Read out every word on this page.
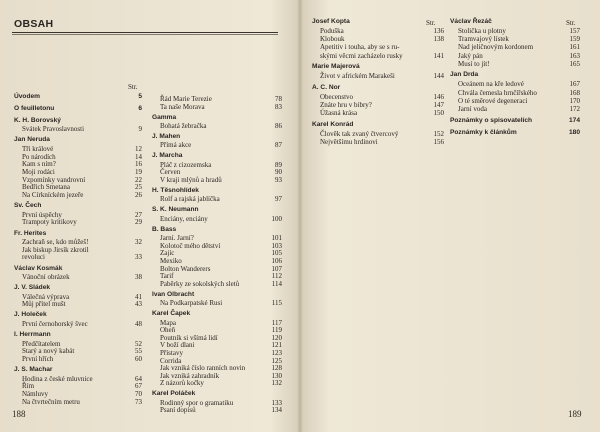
OBSAH
Str.
Úvodem	5
O feuilletonu	6
K. H. Borovský
Svátek Pravoslavnosti	9
Jan Neruda
Tři králové	12
Po národích	14
Kam s ním?	16
Moji rodáci	19
Vzpomínky vandrovní	22
Bedřich Smetana	25
Na Církníckém jezeře	26
Sv. Čech
První úspěchy	27
Trampoty kritikovy	29
Fr. Herites
Zachraň se, kdo můžeš!	32
Jak biskup Jirsík zkrotil
revoluci	33
Václav Kosmák
Vánoční obrázek	38
J. V. Sládek
Válečná výprava	41
Můj přítel mušt	43
J. Holeček
První černohorský švec	48
I. Herrmann
Předčítatelem	52
Starý a nový kabát	55
První hřích	60
J. S. Machar
Hodina z české mluvnice	64
Řím	67
Námluvy	70
Na čtvrtečním metru	73
Řád Marie Terezie	78
Ta naše Morava	83
Gamma
Bohatá žebračka	86
J. Mahen
Přímá akce	87
J. Marcha
Pláč z cizozemska	89
Červen	90
V kraji mlýnů a hradů	93
H. Těsnohlídek
Rolf a rajská jablíčka	97
S. K. Neumann
Enciány, enciány	100
B. Bass
Jarní. Jarní?	101
Kolotoč mého dětství	103
Zajíc	105
Mexiko	106
Bolton Wanderers	107
Tarif	112
Paběrky ze sokolských sletů	114
Ivan Olbracht
Na Podkarpatské Rusi	115
Karel Čapek
Mapa	117
Oheň	119
Poutník si všímá lidí	120
V boží dlani	121
Přístavy	123
Corrida	125
Jak vzniká číslo ranních novin	128
Jak vzniká zahradník	130
Z názorů kočky	132
Karel Poláček
Rodinný spor o gramatiku	133
Psaní dopisů	134
188
Str.	Str.
Josef Kopta
Poduška	136
Klobouk	138
Apetitiv i touha, aby se s ru-
skými věcmi zacházelo rusky	141
Marie Majerová
Život v africkém Marakeši	144
A. C. Nor
Obecenstvo	146
Znáte hru v bibry?	147
Úžasná krása	150
Karel Konrád
Člověk tak zvaný čtvercový	152
Největšímu hrdinovi	156
Václav Řezáč
Stolička u plotny	157
Tramvajový lístek	159
Nad jeličnovým kordonem	161
Jaký pán	163
Musí to jít!	165
Jan Drda
Oceánem na kře ledové	167
Chvála čemesla hrnčířského	168
O té směrové degeneraci	170
Jarní voda	172
Poznámky o spisovatelích	174
Poznámky k článkům	180
189
